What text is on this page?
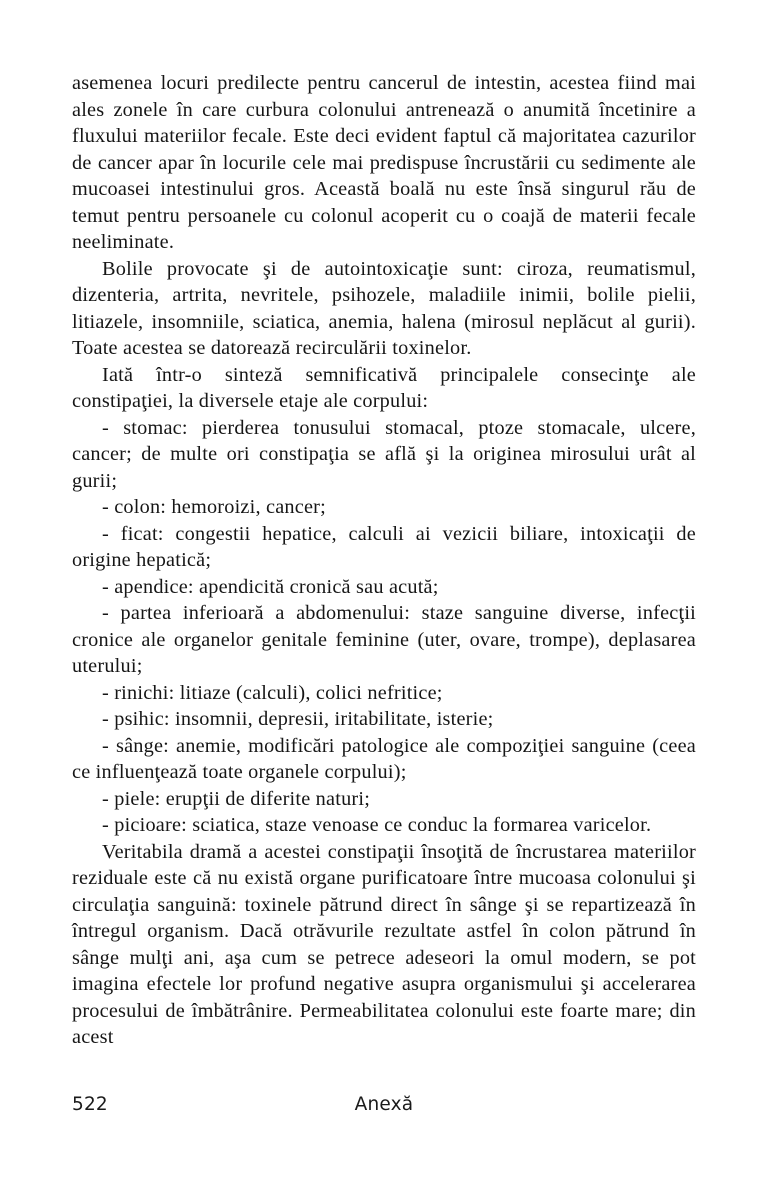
asemenea locuri predilecte pentru cancerul de intestin, acestea fiind mai ales zonele în care curbura colonului antrenează o anumită încetinire a fluxului materiilor fecale. Este deci evident faptul că majoritatea cazurilor de cancer apar în locurile cele mai predispuse încrustării cu sedimente ale mucoasei intestinului gros. Această boală nu este însă singurul rău de temut pentru persoanele cu colonul acoperit cu o coajă de materii fecale neeliminate.

Bolile provocate şi de autointoxicaţie sunt: ciroza, reumatismul, dizenteria, artrita, nevritele, psihozele, maladiile inimii, bolile pielii, litiazele, insomniile, sciatica, anemia, halena (mirosul neplăcut al gurii). Toate acestea se datorează recirculării toxinelor.

Iată într-o sinteză semnificativă principalele consecinţe ale constipaţiei, la diversele etaje ale corpului:

- stomac: pierderea tonusului stomacal, ptoze stomacale, ulcere, cancer; de multe ori constipaţia se află şi la originea mirosului urât al gurii;

- colon: hemoroizi, cancer;

- ficat: congestii hepatice, calculi ai vezicii biliare, intoxicaţii de origine hepatică;

- apendice: apendicită cronică sau acută;

- partea inferioară a abdomenului: staze sanguine diverse, infecţii cronice ale organelor genitale feminine (uter, ovare, trompe), deplasarea uterului;

- rinichi: litiaze (calculi), colici nefritice;

- psihic: insomnii, depresii, iritabilitate, isterie;

- sânge: anemie, modificări patologice ale compoziţiei sanguine (ceea ce influenţează toate organele corpului);

- piele: erupţii de diferite naturi;

- picioare: sciatica, staze venoase ce conduc la formarea varicelor.

Veritabila dramă a acestei constipaţii însoţită de încrustarea materiilor reziduale este că nu există organe purificatoare între mucoasa colonului şi circulaţia sanguină: toxinele pătrund direct în sânge şi se repartizează în întregul organism. Dacă otrăvurile rezultate astfel în colon pătrund în sânge mulţi ani, aşa cum se petrece adeseori la omul modern, se pot imagina efectele lor profund negative asupra organismului şi accelerarea procesului de îmbătrânire. Permeabilitatea colonului este foarte mare; din acest

522	Anexă
